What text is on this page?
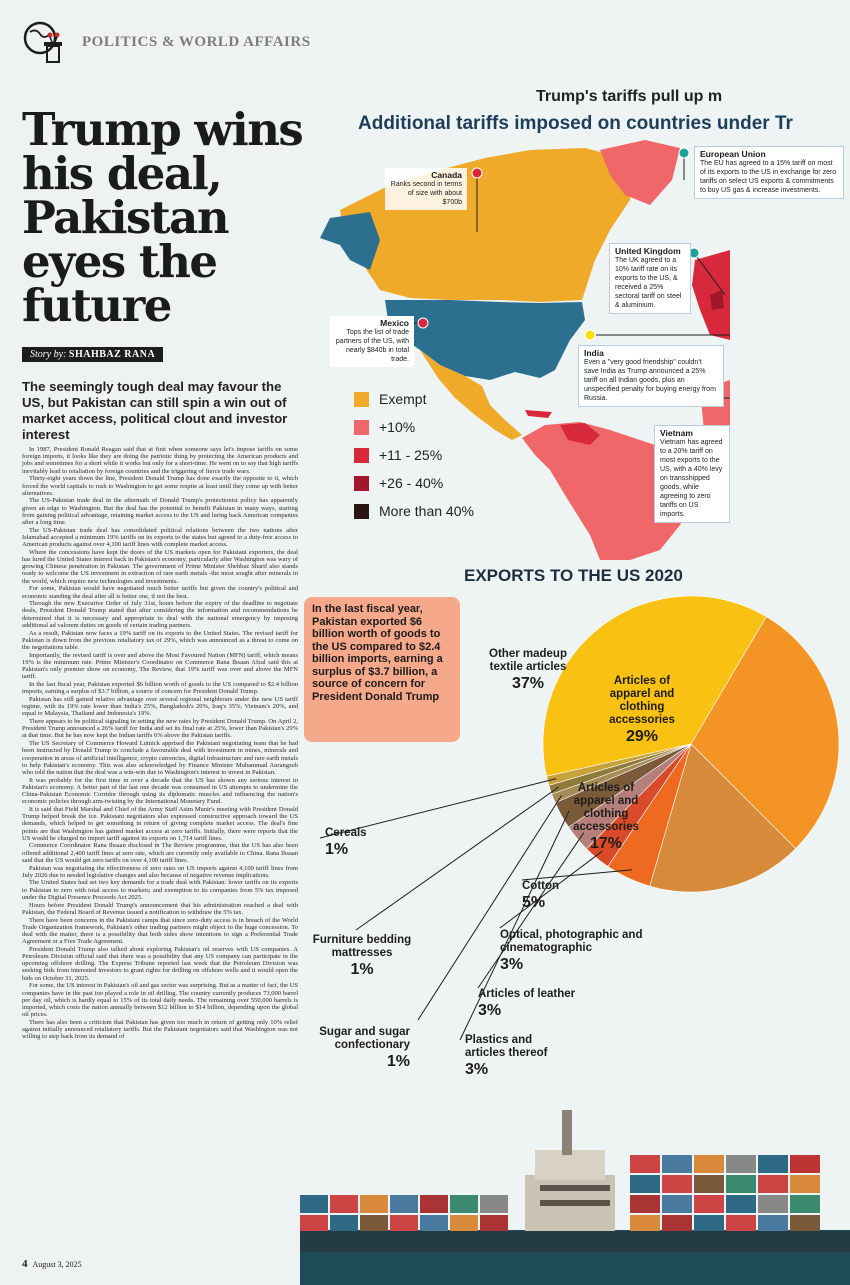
POLITICS & WORLD AFFAIRS
Trump wins his deal, Pakistan eyes the future
Story by: SHAHBAZ RANA

The seemingly tough deal may favour the US, but Pakistan can still spin a win out of market access, political clout and investor interest

In 1987, President Ronald Reagan said that at first when someone says let's impose tariffs on some foreign imports, it looks like they are doing the patriotic thing by protecting the American products and jobs and sometimes for a short while it works but only for a short-time. He went on to say that high tariffs inevitably lead to retaliation by foreign countries and the triggering of fierce trade wars.

Thirty-eight years down the line, President Donald Trump has done exactly the opposite to it, which forced the world capitals to rush to Washington to get some respite at least until they come up with better alternatives.

The US-Pakistan trade deal in the aftermath of Donald Trump's protectionist policy has apparently given an edge to Washington. But the deal has the potential to benefit Pakistan in many ways, starting from gaining political advantage, retaining market access to the US and luring back American companies after a long time.

The US-Pakistan trade deal has consolidated political relations between the two nations after Islamabad accepted a minimum 19% tariffs on its exports to the states but agreed to a duty-free access to American products against over 4,100 tariff lines with complete market access.

Where the concessions have kept the doors of the US markets open for Pakistani exporters, the deal has lured the United States interest back in Pakistan's economy, particularly after Washington was wary of growing Chinese penetration in Pakistan. The government of Prime Minister Shehbaz Sharif also stands ready to welcome the US investment in extraction of rare earth metals -the most sought after minerals in the world, which require new technologies and investments.

For some, Pakistan would have negotiated much better tariffs but given the country's political and economic standing the deal after all is better one, if not the best.

Through the new Executive Order of July 31st, hours before the expiry of the deadline to negotiate deals, President Donald Trump stated that after considering the information and recommendations he determined that it is necessary and appropriate to deal with the national emergency by imposing additional ad valorem duties on goods of certain trading partners.

As a result, Pakistan now faces a 19% tariff on its exports to the United States. The revised tariff for Pakistan is down from the previous retaliatory tax of 29%, which was announced as a threat to come on the negotiations table.

Importantly, the revised tariff is over and above the Most Favoured Nation (MFN) tariff, which means 19% is the minimum rate. Prime Minister's Coordinator on Commerce Rana Ihsaan Afzal said this at Pakistan's only premier show on economy, The Review, that 19% tariff was over and above the MFN tariff.

In the last fiscal year, Pakistan exported $6 billion worth of goods to the US compared to $2.4 billion imports, earning a surplus of $3.7 billion, a source of concern for President Donald Trump.

Pakistan has still gained relative advantage over several regional neighbours under the new US tariff regime, with its 19% rate lower than India's 25%, Bangladesh's 20%, Iraq's 35%, Vietnam's 20%, and equal to Malaysia, Thailand and Indonesia's 19%.

There appears to be political signaling in setting the new rates by President Donald Trump. On April 2, President Trump announced a 26% tariff for India and set its final rate at 25%, lower than Pakistan's 29% at that time. But he has now kept the Indian tariffs 6% above the Pakistan tariffs.

The US Secretary of Commerce Howard Lutnick apprised the Pakistani negotiating team that he had been instructed by Donald Trump to conclude a favourable deal with investment in mines, minerals and cooperation in areas of artificial intelligence, crypto currencies, digital infrastructure and rare earth metals to help Pakistan's economy. This was also acknowledged by Finance Minister Muhammad Aurangzeb who told the nation that the deal was a win-win due to Washington's interest to invest in Pakistan.

It was probably for the first time in over a decade that the US has shown any serious interest in Pakistan's economy. A better part of the last one decade was consumed in US attempts to undermine the China-Pakistan Economic Corridor through using its diplomatic muscles and influencing the nation's economic policies through arm-twisting by the International Monetary Fund.

It is said that Field Marshal and Chief of the Army Staff Asim Munir's meeting with President Donald Trump helped break the ice. Pakistani negotiators also expressed constructive approach toward the US demands, which helped to get something in return of giving complete market access. The deal's fine points are that Washington has gained market access at zero tariffs. Initially, there were reports that the US would be charged no import tariff against its exports on 1,714 tariff lines.

Commerce Coordinator Rana Ihsaan disclosed in The Review programme, that the US has also been offered additional 2,400 tariff lines at zero rate, which are currently only available to China. Rana Ihsaan said that the US would get zero tariffs on over 4,100 tariff lines.

Pakistan was negotiating the effectiveness of zero rates on US imports against 4,100 tariff lines from July 2026 due to needed legislative changes and also because of negative revenue implications.

The United States had set two key demands for a trade deal with Pakistan: lower tariffs on its exports to Pakistan to zero with total access to markets; and exemption to its companies from 5% tax imposed under the Digital Presence Proceeds Act 2025.

Hours before President Donald Trump's announcement that his administration reached a deal with Pakistan, the Federal Board of Revenue issued a notification to withdraw the 5% tax.

There have been concerns in the Pakistani camps that since zero-duty access is in breach of the World Trade Organization framework, Pakistan's other trading partners might object to the huge concession. To deal with the matter, there is a possibility that both sides show intentions to sign a Preferential Trade Agreement or a Free Trade Agreement.

President Donald Trump also talked about exploring Pakistan's oil reserves with US companies. A Petroleum Division official said that there was a possibility that any US company can participate in the upcoming offshore drilling. The Express Tribune reported last week that the Petroleum Division was seeking bids from interested investors to grant rights for drilling on offshore wells and it would open the bids on October 31, 2025.

For some, the US interest in Pakistan's oil and gas sector was surprising. But as a matter of fact, the US companies have in the past too played a role in oil drilling. The country currently produces 73,000 barrel per day oil, which is hardly equal to 15% of its total daily needs. The remaining over 550,000 barrels is imported, which costs the nation annually between $12 billion to $14 billion, depending upon the global oil prices.

There has also been a criticism that Pakistan has given too much in return of getting only 10% relief against initially announced retaliatory tariffs. But the Pakistani negotiators said that Washington was not willing to step back from its demand of

4 August 3, 2025
Trump's tariffs pull up m
Additional tariffs imposed on countries under Tr
Canada
Ranks second in terms of size with about $700b
Mexico
Tops the list of trade partners of the US, with nearly $840b in total trade.
European Union
The EU has agreed to a 15% tariff on most of its exports to the US in exchange for zero tariffs on select US exports & commitments to buy US gas & increase investments.
United Kingdom
The UK agreed to a 10% tariff rate on its exports to the US, & received a 25% sectoral tariff on steel & aluminium.
India
Even a "very good friendship" couldn't save India as Trump announced a 25% tariff on all Indian goods, plus an unspecified penalty for buying energy from Russia.
Vietnam
Vietnam has agreed to a 20% tariff on most exports to the US, with a 40% levy on transshipped goods, while agreeing to zero tariffs on US imports.
Exempt
+10%
+11 - 25%
+26 - 40%
More than 40%
EXPORTS TO THE US 2020
In the last fiscal year, Pakistan exported $6 billion worth of goods to the US compared to $2.4 billion imports, earning a surplus of $3.7 billion, a source of concern for President Donald Trump
Other madeup textile articles
37%	Articles of apparel and clothing accessories
29%
Articles of apparel and clothing accessories
17%
Cotton
5%
Optical, photographic and cinematographic
3%
Articles of leather
3%
Plastics and articles thereof
3%
Sugar and sugar confectionary
1%
Furniture bedding mattresses
1%
Cereals
1%
